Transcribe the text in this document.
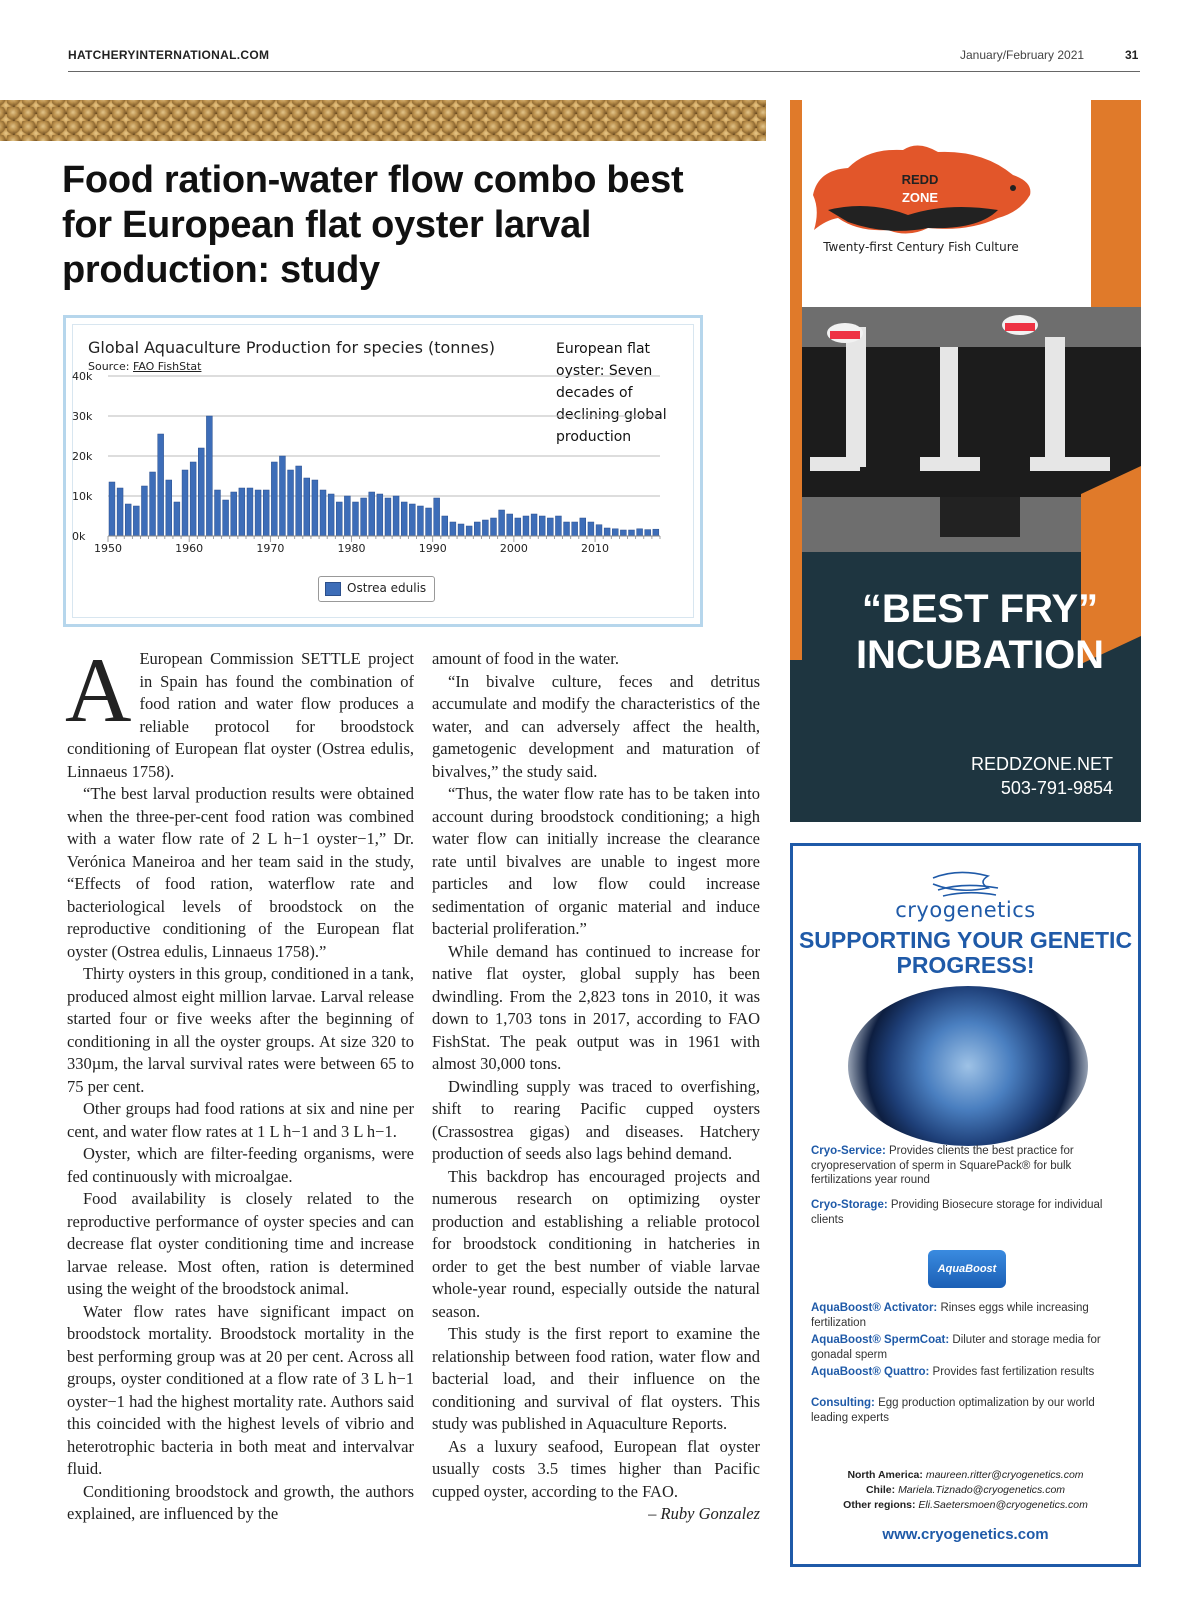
HATCHERYINTERNATIONAL.COM	January/February 2021	31
Food ration-water flow combo best for European flat oyster larval production: study
Global Aquaculture Production for species (tonnes)
Source: FAO FishStat
European flat oyster: Seven decades of declining global production
0k
10k
20k
30k
40k
1950	1960	1970	1980	1990	2000	2010
Ostrea edulis

A European Commission SETTLE project in Spain has found the combination of food ration and water flow produces a reliable protocol for broodstock conditioning of European flat oyster (Ostrea edulis, Linnaeus 1758).

“The best larval production results were obtained when the three-per-cent food ration was combined with a water flow rate of 2 L h−1 oyster−1,” Dr. Verónica Maneiroa and her team said in the study, “Effects of food ration, waterflow rate and bacteriological levels of broodstock on the reproductive conditioning of the European flat oyster (Ostrea edulis, Linnaeus 1758).”

Thirty oysters in this group, conditioned in a tank, produced almost eight million larvae. Larval release started four or five weeks after the beginning of conditioning in all the oyster groups. At size 320 to 330µm, the larval survival rates were between 65 to 75 per cent.

Other groups had food rations at six and nine per cent, and water flow rates at 1 L h−1 and 3 L h−1.

Oyster, which are filter-feeding organisms, were fed continuously with microalgae.

Food availability is closely related to the reproductive performance of oyster species and can decrease flat oyster conditioning time and increase larvae release. Most often, ration is determined using the weight of the broodstock animal.

Water flow rates have significant impact on broodstock mortality. Broodstock mortality in the best performing group was at 20 per cent. Across all groups, oyster conditioned at a flow rate of 3 L h−1 oyster−1 had the highest mortality rate. Authors said this coincided with the highest levels of vibrio and heterotrophic bacteria in both meat and intervalvar fluid.

Conditioning broodstock and growth, the authors explained, are influenced by the

amount of food in the water.

“In bivalve culture, feces and detritus accumulate and modify the characteristics of the water, and can adversely affect the health, gametogenic development and maturation of bivalves,” the study said.

“Thus, the water flow rate has to be taken into account during broodstock conditioning; a high water flow can initially increase the clearance rate until bivalves are unable to ingest more particles and low flow could increase sedimentation of organic material and induce bacterial proliferation.”

While demand has continued to increase for native flat oyster, global supply has been dwindling. From the 2,823 tons in 2010, it was down to 1,703 tons in 2017, according to FAO FishStat. The peak output was in 1961 with almost 30,000 tons.

Dwindling supply was traced to overfishing, shift to rearing Pacific cupped oysters (Crassostrea gigas) and diseases. Hatchery production of seeds also lags behind demand.

This backdrop has encouraged projects and numerous research on optimizing oyster production and establishing a reliable protocol for broodstock conditioning in hatcheries in order to get the best number of viable larvae whole-year round, especially outside the natural season.

This study is the first report to examine the relationship between food ration, water flow and bacterial load, and their influence on the conditioning and survival of flat oysters. This study was published in Aquaculture Reports.

As a luxury seafood, European flat oyster usually costs 3.5 times higher than Pacific cupped oyster, according to the FAO.

– Ruby Gonzalez

REDD
ZONE
Twenty-first Century Fish Culture
“BEST FRY” INCUBATION
REDDZONE.NET
503-791-9854
cryogenetics
SUPPORTING YOUR GENETIC PROGRESS!
Cryo-Service: Provides clients the best practice for cryopreservation of sperm in SquarePack® for bulk fertilizations year round
Cryo-Storage: Providing Biosecure storage for individual clients
AquaBoost
AquaBoost® Activator: Rinses eggs while increasing fertilization
AquaBoost® SpermCoat: Diluter and storage media for gonadal sperm
AquaBoost® Quattro: Provides fast fertilization results
Consulting: Egg production optimalization by our world leading experts
North America: maureen.ritter@cryogenetics.com
Chile: Mariela.Tiznado@cryogenetics.com
Other regions: Eli.Saetersmoen@cryogenetics.com
www.cryogenetics.com
